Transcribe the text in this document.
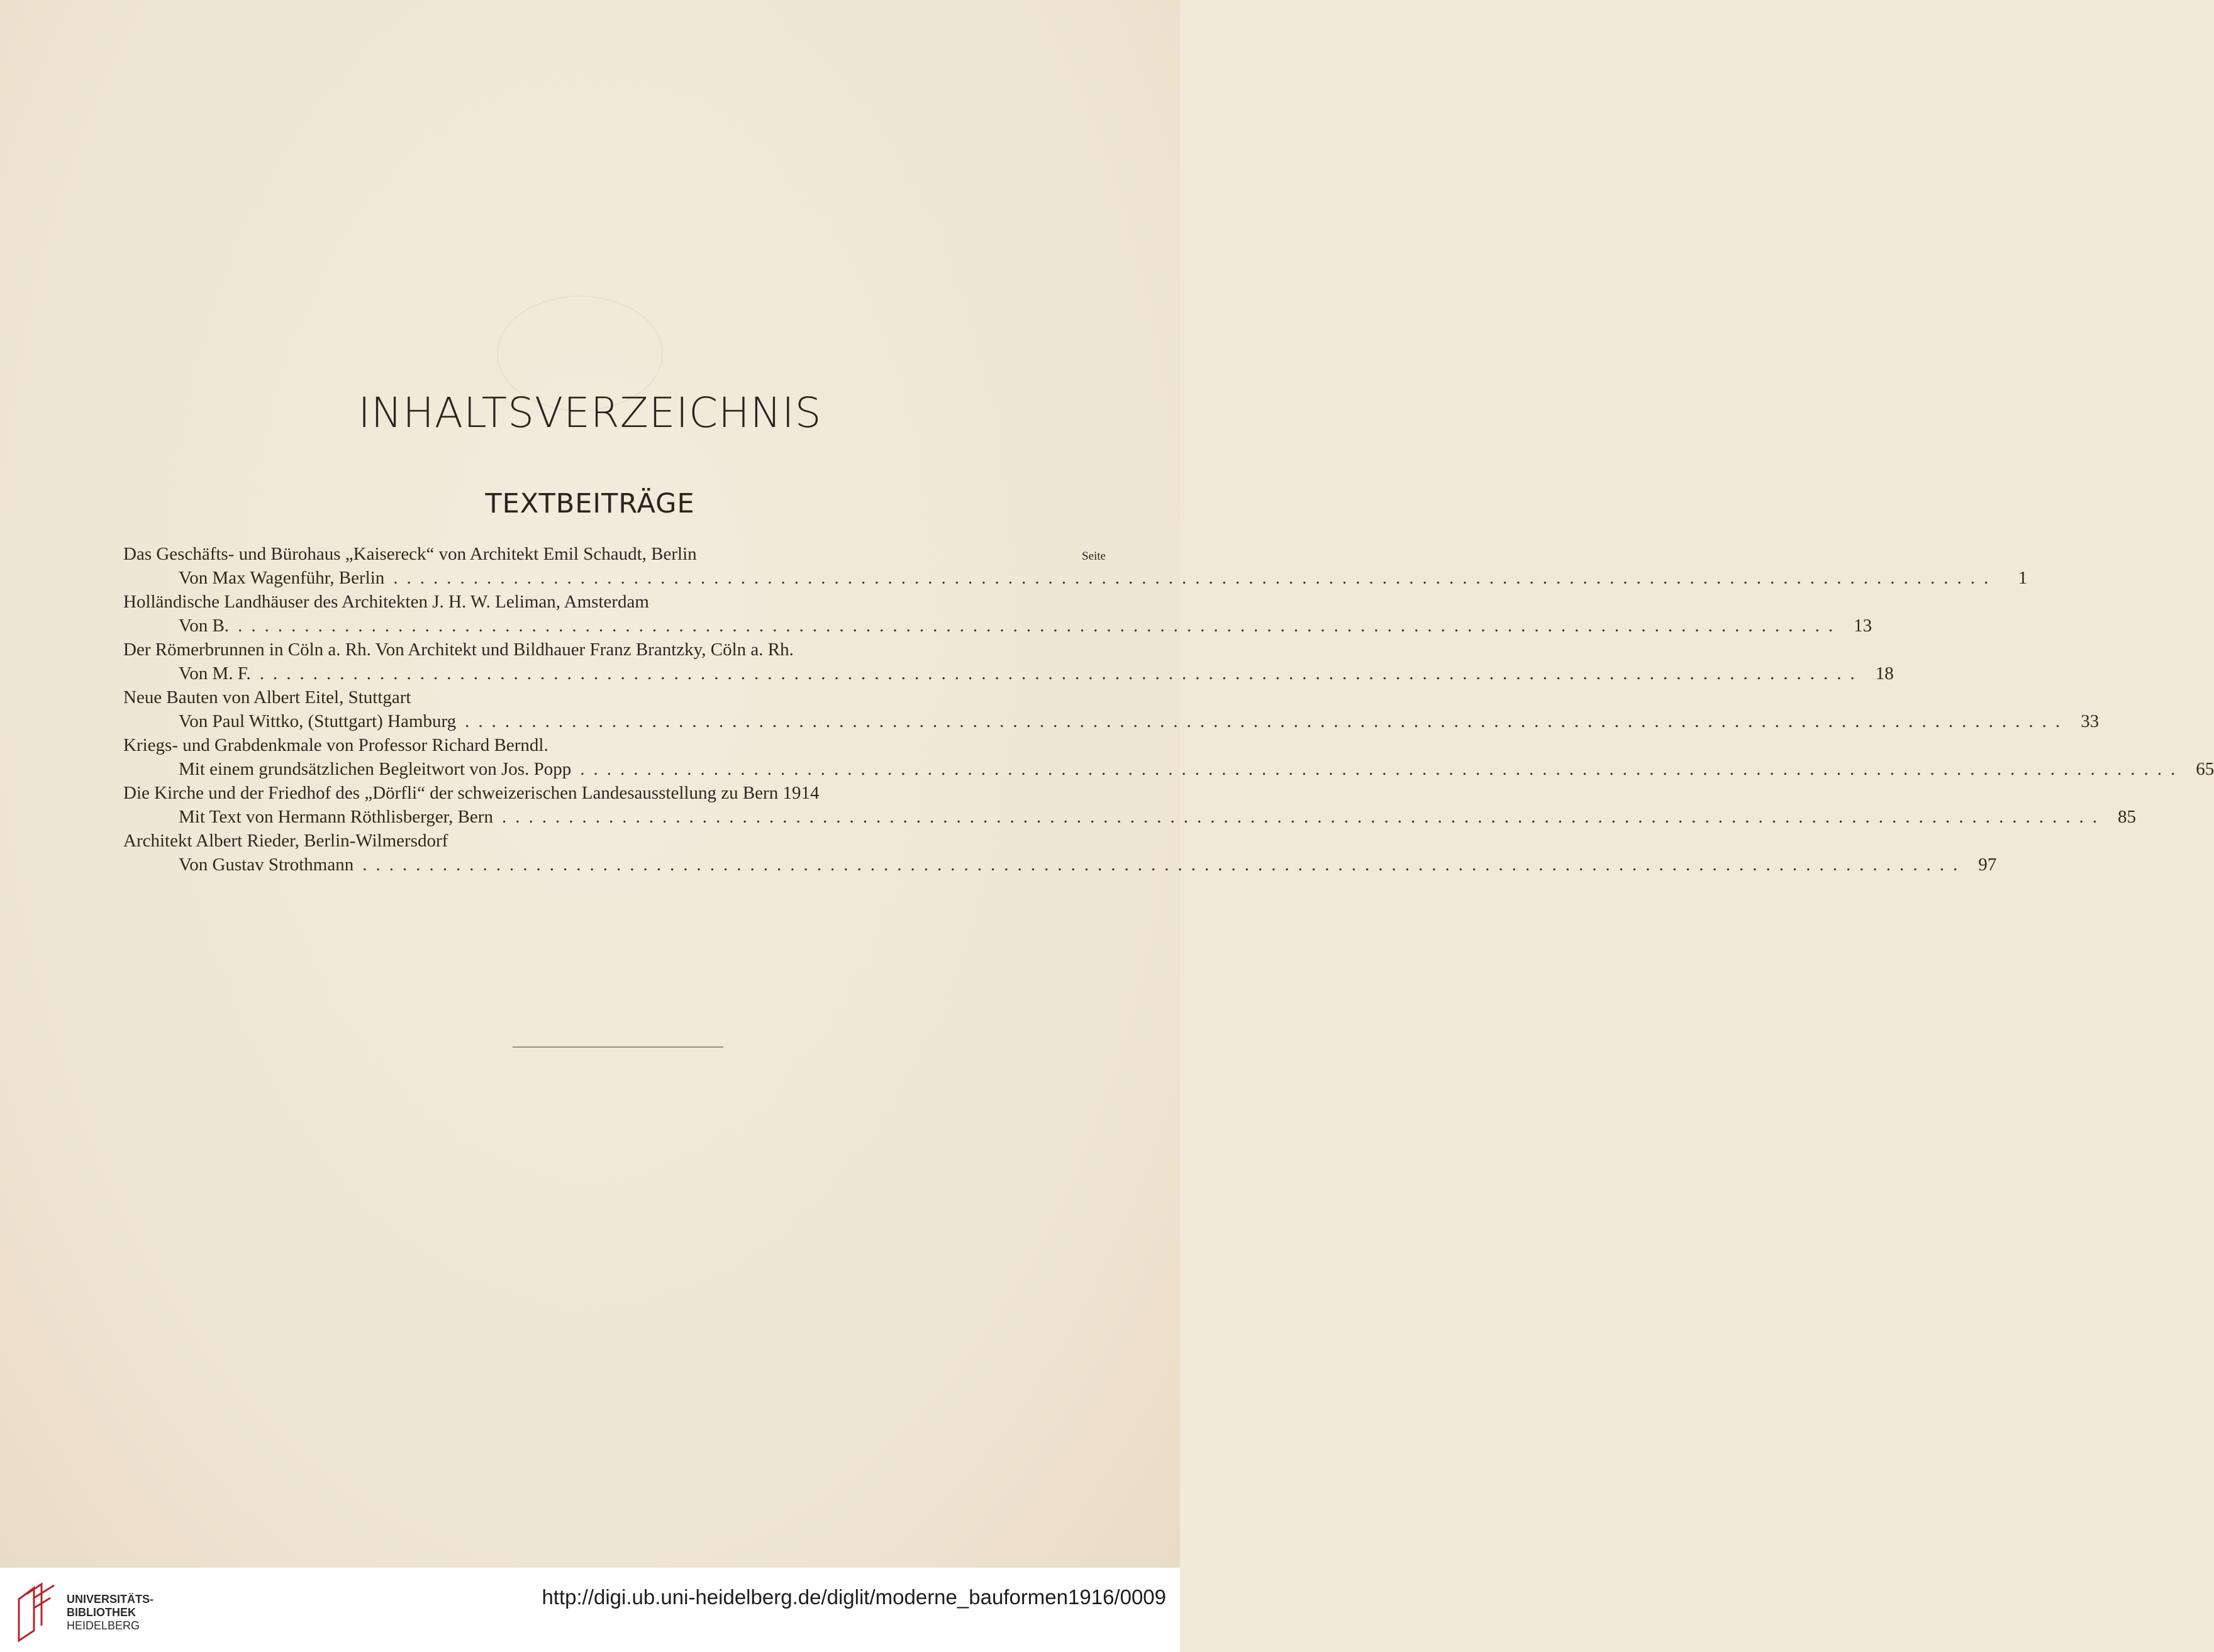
INHALTSVERZEICHNIS
TEXTBEITRÄGE
Seite
Das Geschäfts- und Bürohaus „Kaisereck“ von Architekt Emil Schaudt, Berlin
Von Max Wagenführ, Berlin ........................................................................................................................	1
Holländische Landhäuser des Architekten J. H. W. Leliman, Amsterdam
Von B. ........................................................................................................................ 13
Der Römerbrunnen in Cöln a. Rh. Von Architekt und Bildhauer Franz Brantzky, Cöln a. Rh.
Von M. F. ........................................................................................................................ 18
Neue Bauten von Albert Eitel, Stuttgart
Von Paul Wittko, (Stuttgart) Hamburg ........................................................................................................................ 33
Kriegs- und Grabdenkmale von Professor Richard Berndl.
Mit einem grundsätzlichen Begleitwort von Jos. Popp ........................................................................................................................ 65
Die Kirche und der Friedhof des „Dörfli“ der schweizerischen Landesausstellung zu Bern 1914
Mit Text von Hermann Röthlisberger, Bern ........................................................................................................................ 85
Architekt Albert Rieder, Berlin-Wilmersdorf
Von Gustav Strothmann ........................................................................................................................ 97
UNIVERSITÄTS-
BIBLIOTHEK
HEIDELBERG
http://digi.ub.uni-heidelberg.de/diglit/moderne_bauformen1916/0009
